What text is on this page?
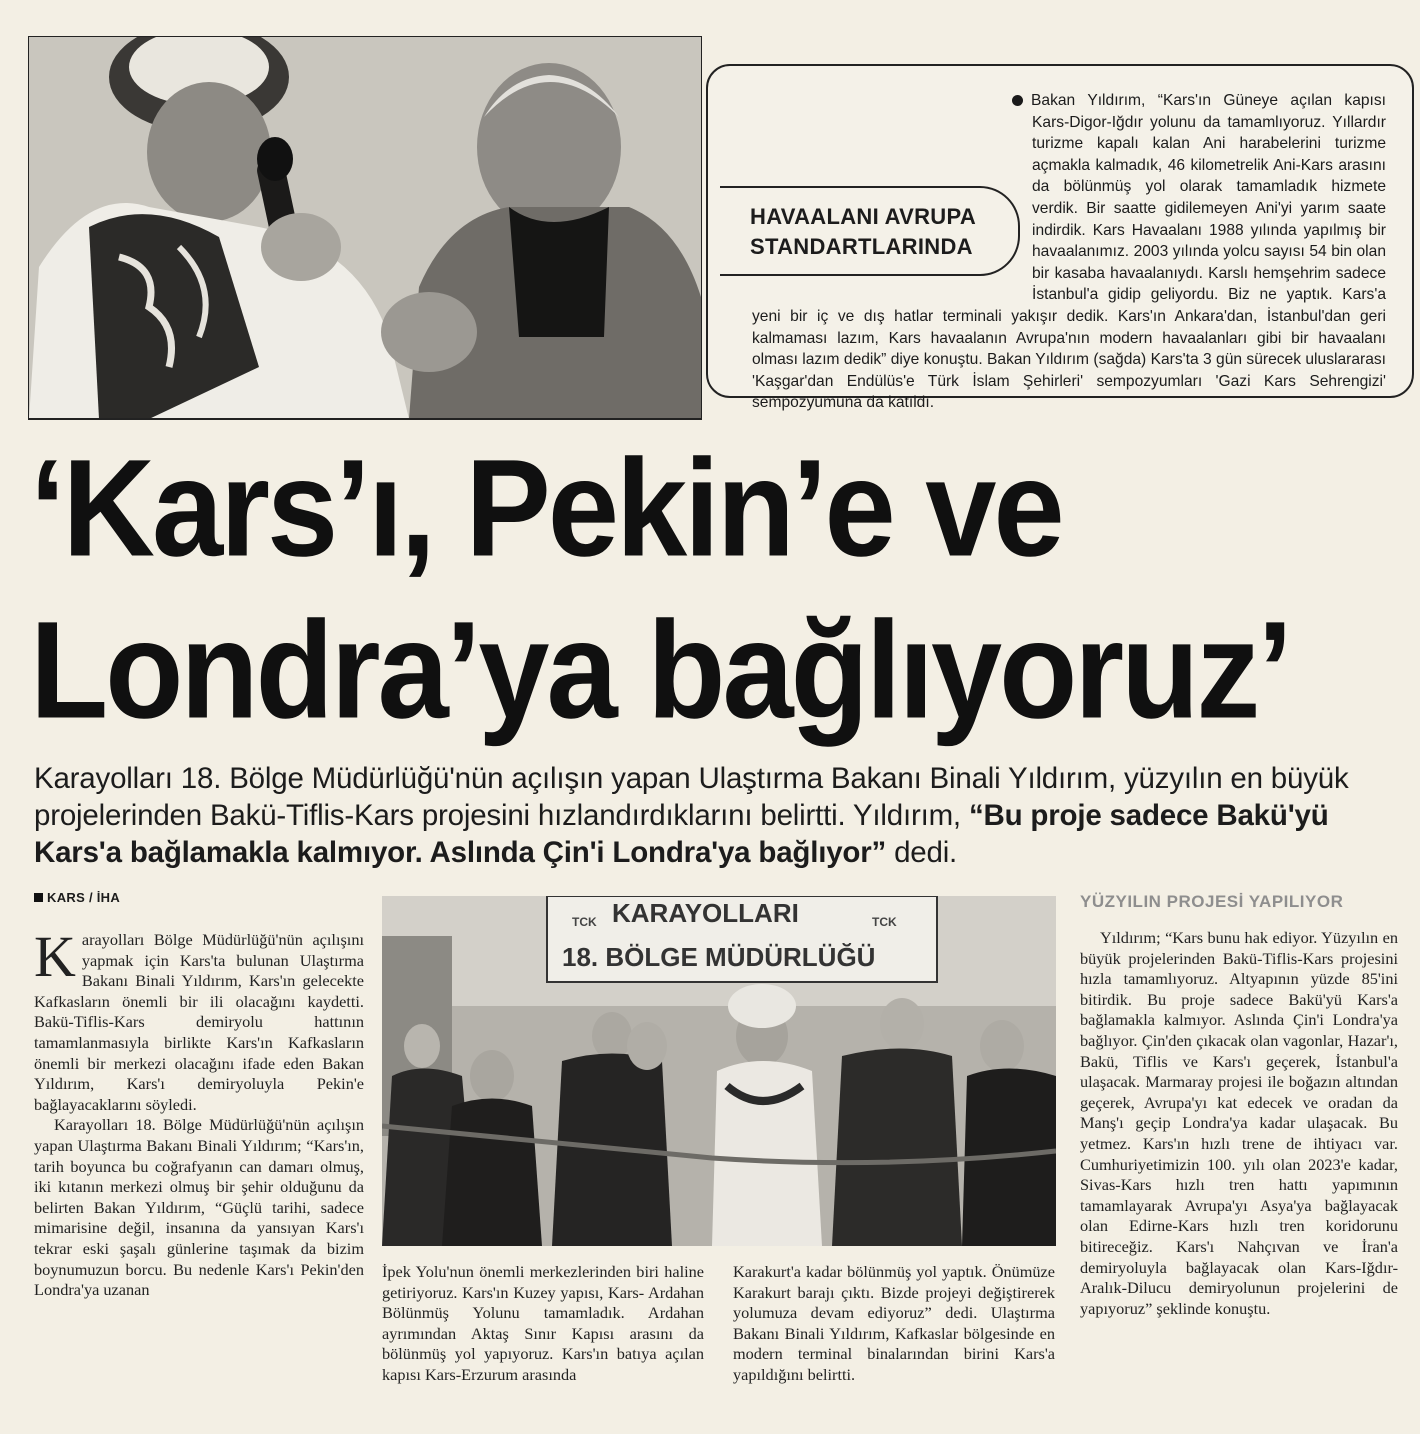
HAVAALANI AVRUPA
STANDARTLARINDA
Bakan Yıldırım, “Kars'ın Güneye açılan kapısı Kars-Digor-Iğdır yolunu da tamamlıyoruz. Yıllardır turizme kapalı kalan Ani harabelerini turizme açmakla kalmadık, 46 kilometrelik Ani-Kars arasını da bölünmüş yol olarak tamamladık hizmete verdik. Bir saatte gidilemeyen Ani'yi yarım saate indirdik. Kars Havaalanı 1988 yılında yapılmış bir havaalanımız. 2003 yılında yolcu sayısı 54 bin olan bir kasaba havaalanıydı. Karslı hemşehrim sadece İstanbul'a gidip geliyordu. Biz ne yaptık. Kars'a yeni bir iç ve dış hatlar terminali yakışır dedik. Kars'ın Ankara'dan, İstanbul'dan geri kalmaması lazım, Kars havaalanın Avrupa'nın modern havaalanları gibi bir havaalanı olması lazım dedik” diye konuştu. Bakan Yıldırım (sağda) Kars'ta 3 gün sürecek uluslararası 'Kaşgar'dan Endülüs'e Türk İslam Şehirleri' sempozyumları 'Gazi Kars Sehrengizi' sempozyumuna da katıldı.
‘Kars’ı, Pekin’e ve
Londra’ya bağlıyoruz’
Karayolları 18. Bölge Müdürlüğü'nün açılışın yapan Ulaştırma Bakanı Binali Yıldırım, yüzyılın en büyük projelerinden Bakü-Tiflis-Kars projesini hızlandırdıklarını belirtti. Yıldırım, “Bu proje sadece Bakü'yü Kars'a bağlamakla kalmıyor. Aslında Çin'i Londra'ya bağlıyor” dedi.
KARS / İHA

Karayolları Bölge Müdürlüğü'nün açılışını yapmak için Kars'ta bulunan Ulaştırma Bakanı Binali Yıldırım, Kars'ın gelecekte Kafkasların önemli bir ili olacağını kaydetti. Bakü-Tiflis-Kars demiryolu hattının tamamlanmasıyla birlikte Kars'ın Kafkasların önemli bir merkezi olacağını ifade eden Bakan Yıldırım, Kars'ı demiryoluyla Pekin'e bağlayacaklarını söyledi.

Karayolları 18. Bölge Müdürlüğü'nün açılışın yapan Ulaştırma Bakanı Binali Yıldırım; “Kars'ın, tarih boyunca bu coğrafyanın can damarı olmuş, iki kıtanın merkezi olmuş bir şehir olduğunu da belirten Bakan Yıldırım, “Güçlü tarihi, sadece mimarisine değil, insanına da yansıyan Kars'ı tekrar eski şaşalı günlerine taşımak da bizim boynumuzun borcu. Bu nedenle Kars'ı Pekin'den Londra'ya uzanan

TCK	TCK
KARAYOLLARI
18. BÖLGE MÜDÜRLÜĞÜ

İpek Yolu'nun önemli merkezlerinden biri haline getiriyoruz. Kars'ın Kuzey yapısı, Kars- Ardahan Bölünmüş Yolunu tamamladık. Ardahan ayrımından Aktaş Sınır Kapısı arasını da bölünmüş yol yapıyoruz. Kars'ın batıya açılan kapısı Kars-Erzurum arasında

Karakurt'a kadar bölünmüş yol yaptık. Önümüze Karakurt barajı çıktı. Bizde projeyi değiştirerek yolumuza devam ediyoruz” dedi. Ulaştırma Bakanı Binali Yıldırım, Kafkaslar bölgesinde en modern terminal binalarından birini Kars'a yapıldığını belirtti.

YÜZYILIN PROJESİ YAPILIYOR

Yıldırım; “Kars bunu hak ediyor. Yüzyılın en büyük projelerinden Bakü-Tiflis-Kars projesini hızla tamamlıyoruz. Altyapının yüzde 85'ini bitirdik. Bu proje sadece Bakü'yü Kars'a bağlamakla kalmıyor. Aslında Çin'i Londra'ya bağlıyor. Çin'den çıkacak olan vagonlar, Hazar'ı, Bakü, Tiflis ve Kars'ı geçerek, İstanbul'a ulaşacak. Marmaray projesi ile boğazın altından geçerek, Avrupa'yı kat edecek ve oradan da Manş'ı geçip Londra'ya kadar ulaşacak. Bu yetmez. Kars'ın hızlı trene de ihtiyacı var. Cumhuriyetimizin 100. yılı olan 2023'e kadar, Sivas-Kars hızlı tren hattı yapımının tamamlayarak Avrupa'yı Asya'ya bağlayacak olan Edirne-Kars hızlı tren koridorunu bitireceğiz. Kars'ı Nahçıvan ve İran'a demiryoluyla bağlayacak olan Kars-Iğdır-Aralık-Dilucu demiryolunun projelerini de yapıyoruz” şeklinde konuştu.
